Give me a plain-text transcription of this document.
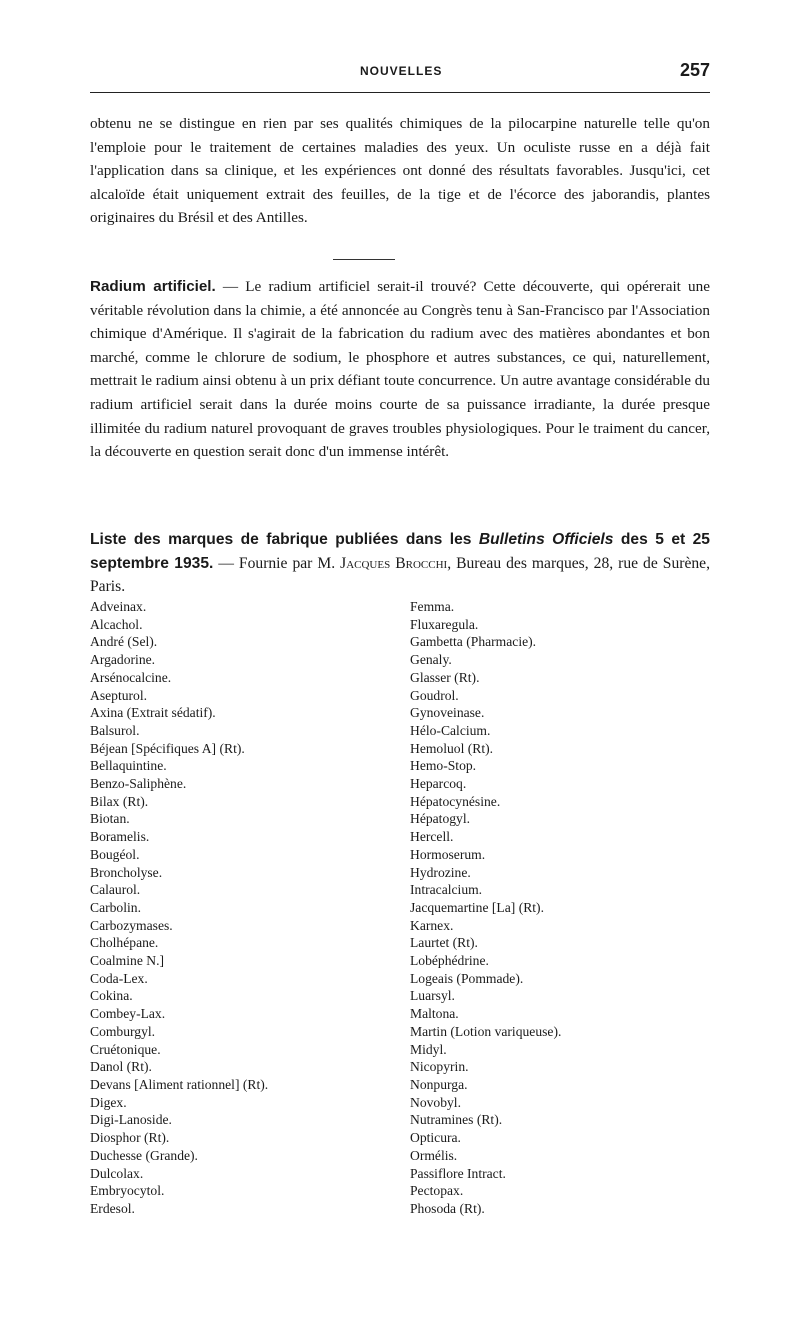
NOUVELLES	257
obtenu ne se distingue en rien par ses qualités chimiques de la pilocarpine naturelle telle qu'on l'emploie pour le traitement de certaines maladies des yeux. Un oculiste russe en a déjà fait l'application dans sa clinique, et les expériences ont donné des résultats favorables. Jusqu'ici, cet alcaloïde était uniquement extrait des feuilles, de la tige et de l'écorce des jaborandis, plantes originaires du Brésil et des Antilles.
Radium artificiel. — Le radium artificiel serait-il trouvé? Cette découverte, qui opérerait une véritable révolution dans la chimie, a été annoncée au Congrès tenu à San-Francisco par l'Association chimique d'Amérique. Il s'agirait de la fabrication du radium avec des matières abondantes et bon marché, comme le chlorure de sodium, le phosphore et autres substances, ce qui, naturellement, mettrait le radium ainsi obtenu à un prix défiant toute concurrence. Un autre avantage considérable du radium artificiel serait dans la durée moins courte de sa puissance irradiante, la durée presque illimitée du radium naturel provoquant de graves troubles physiologiques. Pour le traiment du cancer, la découverte en question serait donc d'un immense intérêt.
Liste des marques de fabrique publiées dans les Bulletins Officiels des 5 et 25 septembre 1935. — Fournie par M. Jacques Brocchi, Bureau des marques, 28, rue de Surène, Paris.
Adveinax.
Alcachol.
André (Sel).
Argadorine.
Arsénocalcine.
Asepturol.
Axina (Extrait sédatif).
Balsurol.
Béjean [Spécifiques A] (Rt).
Bellaquintine.
Benzo-Saliphène.
Bilax (Rt).
Biotan.
Boramelis.
Bougéol.
Broncholyse.
Calaurol.
Carbolin.
Carbozymases.
Cholhépane.
Coalmine N.]
Coda-Lex.
Cokina.
Combey-Lax.
Comburgyl.
Cruétonique.
Danol (Rt).
Devans [Aliment rationnel] (Rt).
Digex.
Digi-Lanoside.
Diosphor (Rt).
Duchesse (Grande).
Dulcolax.
Embryocytol.
Erdesol.
Femma.
Fluxaregula.
Gambetta (Pharmacie).
Genaly.
Glasser (Rt).
Goudrol.
Gynoveinase.
Hélo-Calcium.
Hemoluol (Rt).
Hemo-Stop.
Heparcoq.
Hépatocynésine.
Hépatogyl.
Hercell.
Hormoserum.
Hydrozine.
Intracalcium.
Jacquemartine [La] (Rt).
Karnex.
Laurtet (Rt).
Lobéphédrine.
Logeais (Pommade).
Luarsyl.
Maltona.
Martin (Lotion variqueuse).
Midyl.
Nicopyrin.
Nonpurga.
Novobyl.
Nutramines (Rt).
Opticura.
Ormélis.
Passiflore Intract.
Pectopax.
Phosoda (Rt).
